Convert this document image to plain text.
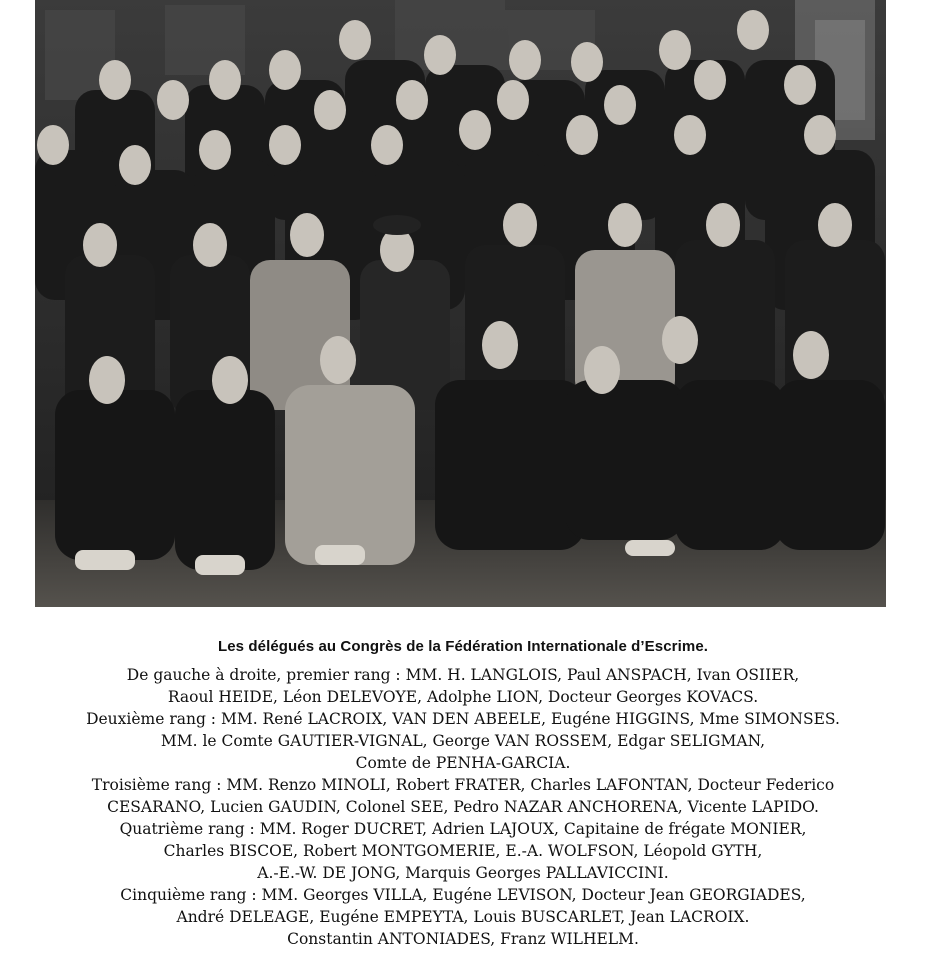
Les délégués au Congrès de la Fédération Internationale d’Escrime.
De gauche à droite, premier rang : MM. H. LANGLOIS, Paul ANSPACH, Ivan OSIIER,
Raoul HEIDE, Léon DELEVOYE, Adolphe LION, Docteur Georges KOVACS.
Deuxième rang : MM. René LACROIX, VAN DEN ABEELE, Eugéne HIGGINS, Mme SIMONSES.
MM. le Comte GAUTIER-VIGNAL, George VAN ROSSEM, Edgar SELIGMAN,
Comte de PENHA-GARCIA.
Troisième rang : MM. Renzo MINOLI, Robert FRATER, Charles LAFONTAN, Docteur Federico
CESARANO, Lucien GAUDIN, Colonel SEE, Pedro NAZAR ANCHORENA, Vicente LAPIDO.
Quatrième rang : MM. Roger DUCRET, Adrien LAJOUX, Capitaine de frégate MONIER,
Charles BISCOE, Robert MONTGOMERIE, E.-A. WOLFSON, Léopold GYTH,
A.-E.-W. DE JONG, Marquis Georges PALLAVICCINI.
Cinquième rang : MM. Georges VILLA, Eugéne LEVISON, Docteur Jean GEORGIADES,
André DELEAGE, Eugéne EMPEYTA, Louis BUSCARLET, Jean LACROIX.
Constantin ANTONIADES, Franz WILHELM.
